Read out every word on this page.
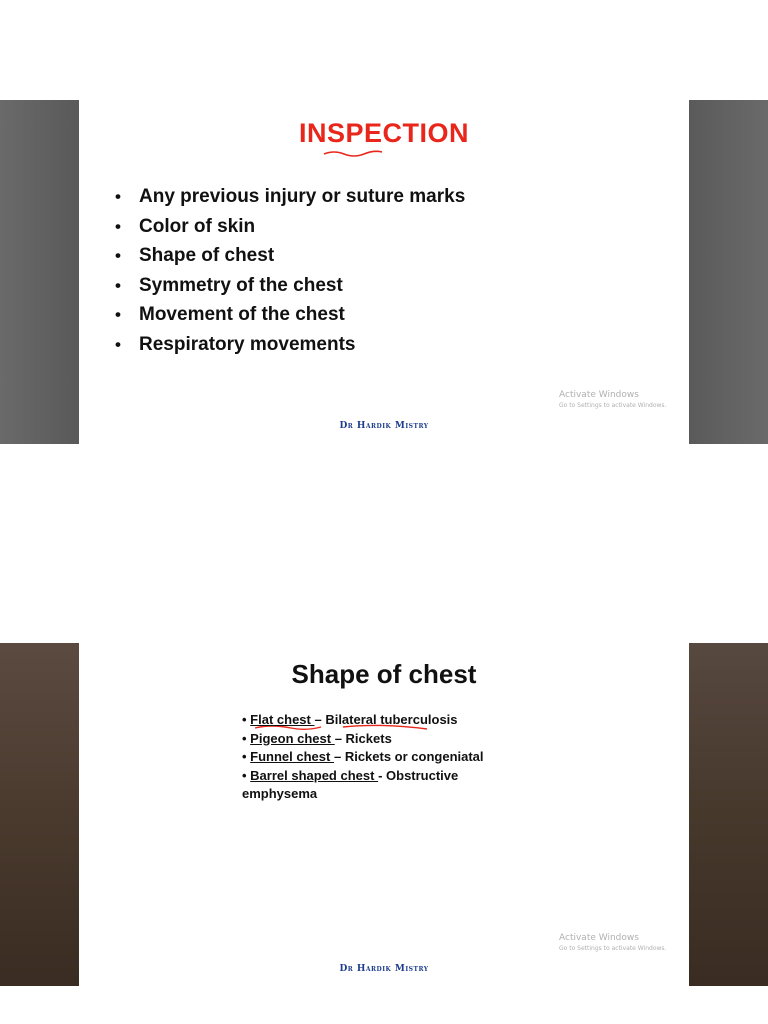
INSPECTION
• Any previous injury or suture marks
• Color of skin
• Shape of chest
• Symmetry of the chest
• Movement of the chest
• Respiratory movements
Activate Windows
Go to Settings to activate Windows.
Dr Hardik Mistry
Shape of chest
• Flat chest – Bilateral tuberculosis
• Pigeon chest – Rickets
• Funnel chest – Rickets or congeniatal
• Barrel shaped chest - Obstructive
emphysema
Activate Windows
Go to Settings to activate Windows.
Dr Hardik Mistry
